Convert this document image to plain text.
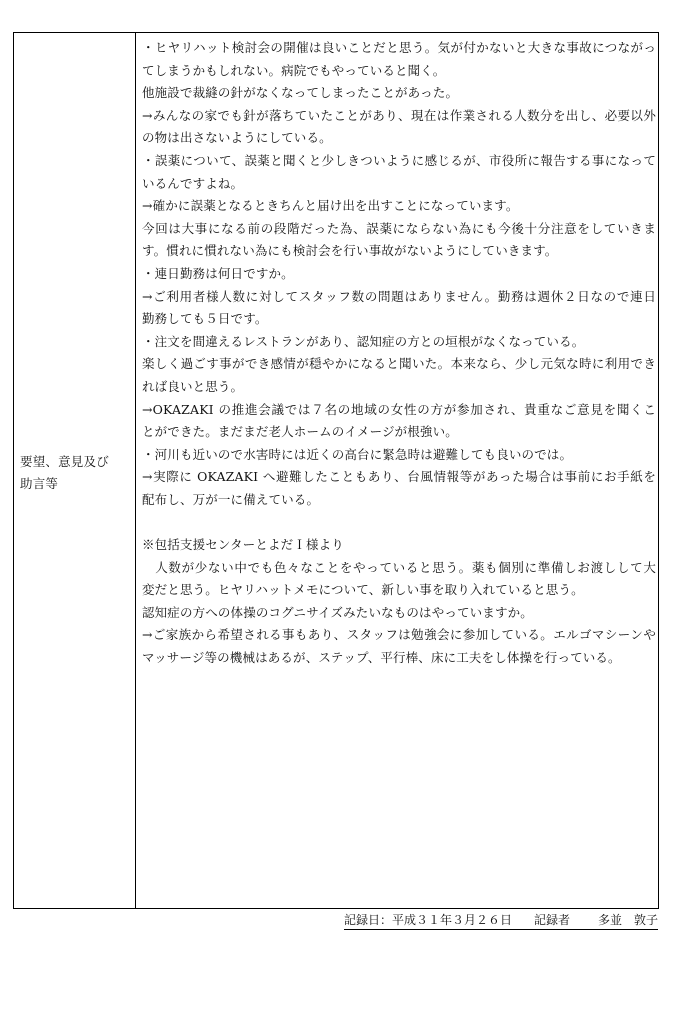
要望、意見及び
助言等
・ヒヤリハット検討会の開催は良いことだと思う。気が付かないと大きな事故につながっ
てしまうかもしれない。病院でもやっていると聞く。
他施設で裁縫の針がなくなってしまったことがあった。
→みんなの家でも針が落ちていたことがあり、現在は作業される人数分を出し、必要以外
の物は出さないようにしている。
・誤薬について、誤薬と聞くと少しきついように感じるが、市役所に報告する事になって
いるんですよね。
→確かに誤薬となるときちんと届け出を出すことになっています。
今回は大事になる前の段階だった為、誤薬にならない為にも今後十分注意をしていきま
す。慣れに慣れない為にも検討会を行い事故がないようにしていきます。
・連日勤務は何日ですか。
→ご利用者様人数に対してスタッフ数の問題はありません。勤務は週休２日なので連日
勤務しても５日です。
・注文を間違えるレストランがあり、認知症の方との垣根がなくなっている。
楽しく過ごす事ができ感情が穏やかになると聞いた。本来なら、少し元気な時に利用でき
れば良いと思う。
→OKAZAKI の推進会議では７名の地域の女性の方が参加され、貴重なご意見を聞くこ
とができた。まだまだ老人ホームのイメージが根強い。
・河川も近いので水害時には近くの高台に緊急時は避難しても良いのでは。
→実際に OKAZAKI へ避難したこともあり、台風情報等があった場合は事前にお手紙を
配布し、万が一に備えている。
※包括支援センターとよだＩ様より
　人数が少ない中でも色々なことをやっていると思う。薬も個別に準備しお渡しして大
変だと思う。ヒヤリハットメモについて、新しい事を取り入れていると思う。
認知症の方への体操のコグニサイズみたいなものはやっていますか。
→ご家族から希望される事もあり、スタッフは勉強会に参加している。エルゴマシーンや
マッサージ等の機械はあるが、ステップ、平行棒、床に工夫をし体操を行っている。
記録日：平成３１年３月２６日 記録者 多並　敦子
